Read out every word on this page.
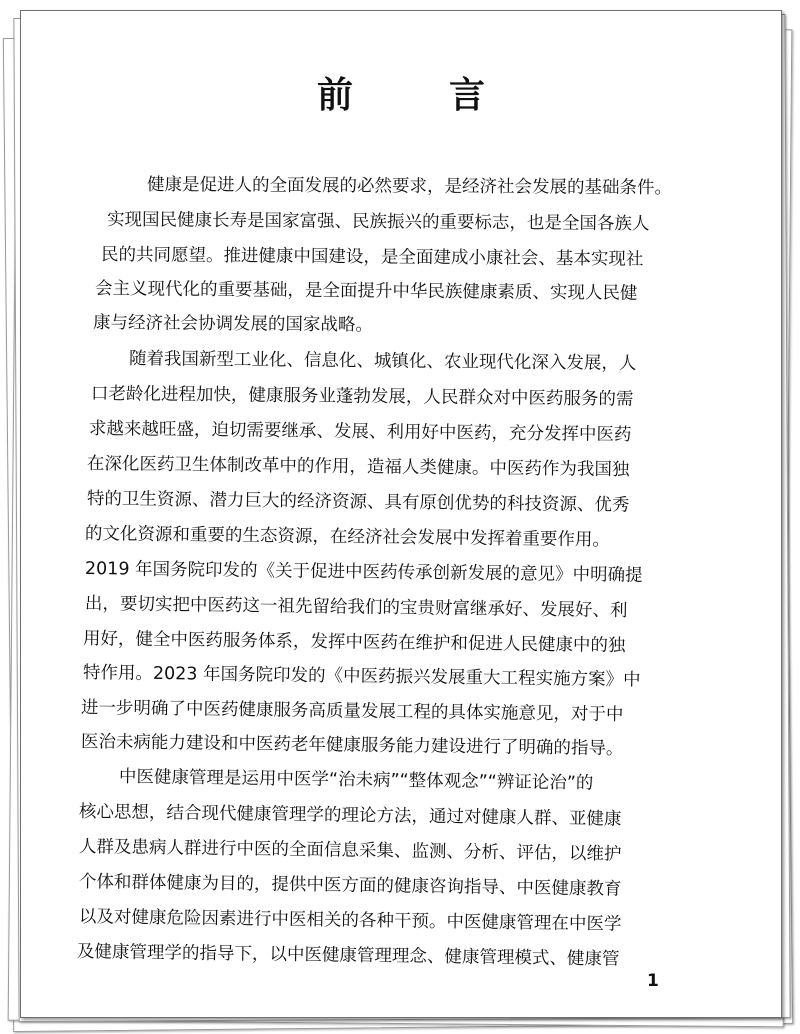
前　言
健康是促进人的全面发展的必然要求，是经济社会发展的基础条件。
实现国民健康长寿是国家富强、民族振兴的重要标志，也是全国各族人
民的共同愿望。推进健康中国建设，是全面建成小康社会、基本实现社
会主义现代化的重要基础，是全面提升中华民族健康素质、实现人民健
康与经济社会协调发展的国家战略。
随着我国新型工业化、信息化、城镇化、农业现代化深入发展，人
口老龄化进程加快，健康服务业蓬勃发展，人民群众对中医药服务的需
求越来越旺盛，迫切需要继承、发展、利用好中医药，充分发挥中医药
在深化医药卫生体制改革中的作用，造福人类健康。中医药作为我国独
特的卫生资源、潜力巨大的经济资源、具有原创优势的科技资源、优秀
的文化资源和重要的生态资源，在经济社会发展中发挥着重要作用。
2019 年国务院印发的《关于促进中医药传承创新发展的意见》中明确提
出，要切实把中医药这一祖先留给我们的宝贵财富继承好、发展好、利
用好，健全中医药服务体系，发挥中医药在维护和促进人民健康中的独
特作用。2023 年国务院印发的《中医药振兴发展重大工程实施方案》中
进一步明确了中医药健康服务高质量发展工程的具体实施意见，对于中
医治未病能力建设和中医药老年健康服务能力建设进行了明确的指导。
中医健康管理是运用中医学“治未病”“整体观念”“辨证论治”的
核心思想，结合现代健康管理学的理论方法，通过对健康人群、亚健康
人群及患病人群进行中医的全面信息采集、监测、分析、评估，以维护
个体和群体健康为目的，提供中医方面的健康咨询指导、中医健康教育
以及对健康危险因素进行中医相关的各种干预。中医健康管理在中医学
及健康管理学的指导下，以中医健康管理理念、健康管理模式、健康管
1
